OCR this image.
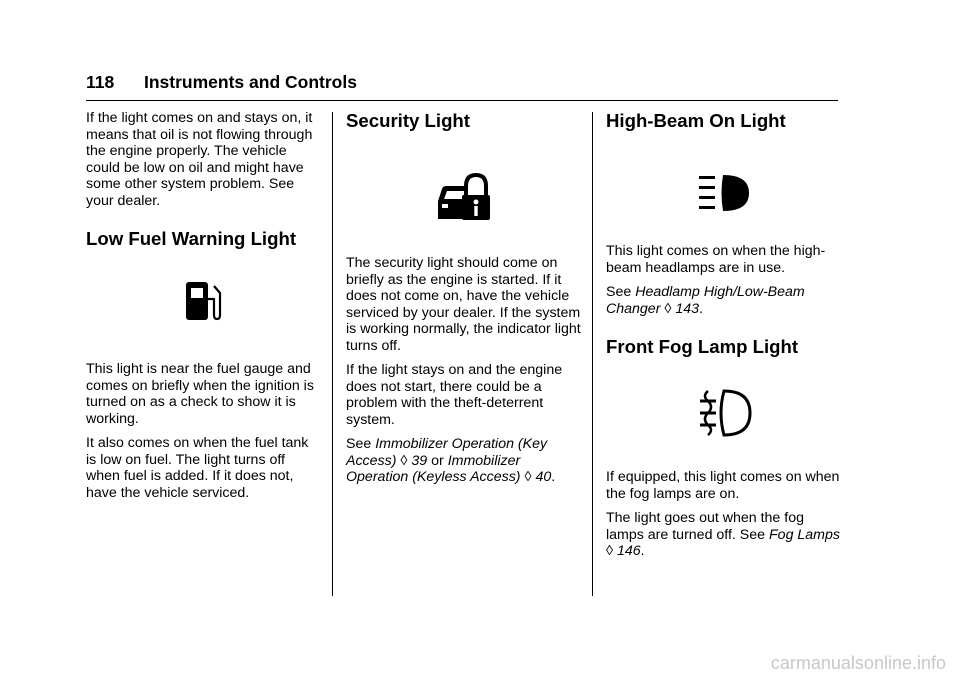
118 Instruments and Controls

If the light comes on and stays on, it means that oil is not flowing through the engine properly. The vehicle could be low on oil and might have some other system problem. See your dealer.

Low Fuel Warning Light

This light is near the fuel gauge and comes on briefly when the ignition is turned on as a check to show it is working.

It also comes on when the fuel tank is low on fuel. The light turns off when fuel is added. If it does not, have the vehicle serviced.

Security Light

The security light should come on briefly as the engine is started. If it does not come on, have the vehicle serviced by your dealer. If the system is working normally, the indicator light turns off.

If the light stays on and the engine does not start, there could be a problem with the theft-deterrent system.

See Immobilizer Operation (Key Access) ◊ 39 or Immobilizer Operation (Keyless Access) ◊ 40.

High-Beam On Light

This light comes on when the high-beam headlamps are in use.

See Headlamp High/Low-Beam Changer ◊ 143.

Front Fog Lamp Light

If equipped, this light comes on when the fog lamps are on.

The light goes out when the fog lamps are turned off. See Fog Lamps ◊ 146.

carmanualsonline.info
